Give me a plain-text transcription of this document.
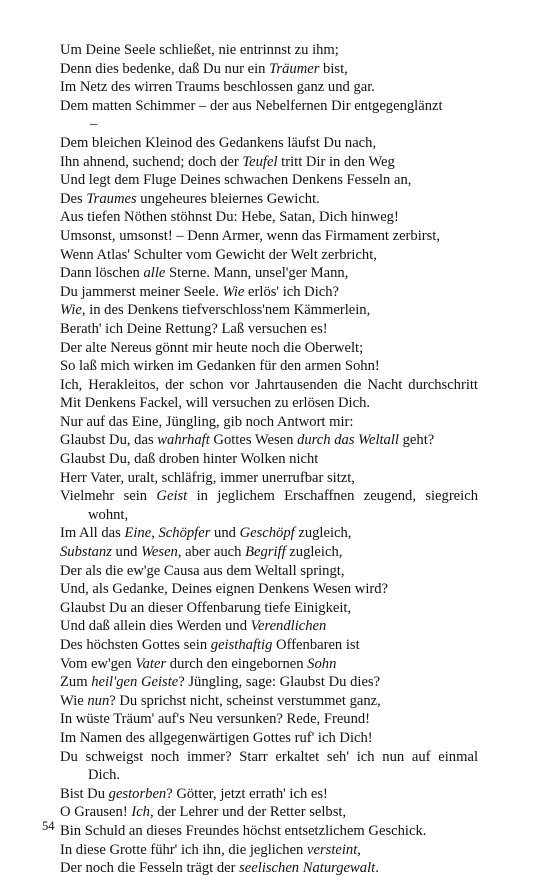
Um Deine Seele schließet, nie entrinnst zu ihm;
Denn dies bedenke, daß Du nur ein Träumer bist,
Im Netz des wirren Traums beschlossen ganz und gar.
Dem matten Schimmer – der aus Nebelfernen Dir entgegenglänzt
–
Dem bleichen Kleinod des Gedankens läufst Du nach,
Ihn ahnend, suchend; doch der Teufel tritt Dir in den Weg
Und legt dem Fluge Deines schwachen Denkens Fesseln an,
Des Traumes ungeheures bleiernes Gewicht.
Aus tiefen Nöthen stöhnst Du: Hebe, Satan, Dich hinweg!
Umsonst, umsonst! – Denn Armer, wenn das Firmament zerbirst,
Wenn Atlas' Schulter vom Gewicht der Welt zerbricht,
Dann löschen alle Sterne. Mann, unsel'ger Mann,
Du jammerst meiner Seele. Wie erlös' ich Dich?
Wie, in des Denkens tiefverschloss'nem Kämmerlein,
Berath' ich Deine Rettung? Laß versuchen es!
Der alte Nereus gönnt mir heute noch die Oberwelt;
So laß mich wirken im Gedanken für den armen Sohn!
Ich, Herakleitos, der schon vor Jahrtausenden die Nacht durchschritt
Mit Denkens Fackel, will versuchen zu erlösen Dich.
Nur auf das Eine, Jüngling, gib noch Antwort mir:
Glaubst Du, das wahrhaft Gottes Wesen durch das Weltall geht?
Glaubst Du, daß droben hinter Wolken nicht
Herr Vater, uralt, schläfrig, immer unerrufbar sitzt,
Vielmehr sein Geist in jeglichem Erschaffnen zeugend, siegreich
wohnt,
Im All das Eine, Schöpfer und Geschöpf zugleich,
Substanz und Wesen, aber auch Begriff zugleich,
Der als die ew'ge Causa aus dem Weltall springt,
Und, als Gedanke, Deines eignen Denkens Wesen wird?
Glaubst Du an dieser Offenbarung tiefe Einigkeit,
Und daß allein dies Werden und Verendlichen
Des höchsten Gottes sein geisthaftig Offenbaren ist
Vom ew'gen Vater durch den eingebornen Sohn
Zum heil'gen Geiste? Jüngling, sage: Glaubst Du dies?
Wie nun? Du sprichst nicht, scheinst verstummet ganz,
In wüste Träum' auf's Neu versunken? Rede, Freund!
Im Namen des allgegenwärtigen Gottes ruf' ich Dich!
Du schweigst noch immer? Starr erkaltet seh' ich nun auf einmal
Dich.
Bist Du gestorben? Götter, jetzt errath' ich es!
O Grausen! Ich, der Lehrer und der Retter selbst,
Bin Schuld an dieses Freundes höchst entsetzlichem Geschick.
In diese Grotte führ' ich ihn, die jeglichen versteint,
Der noch die Fesseln trägt der seelischen Naturgewalt.
54
